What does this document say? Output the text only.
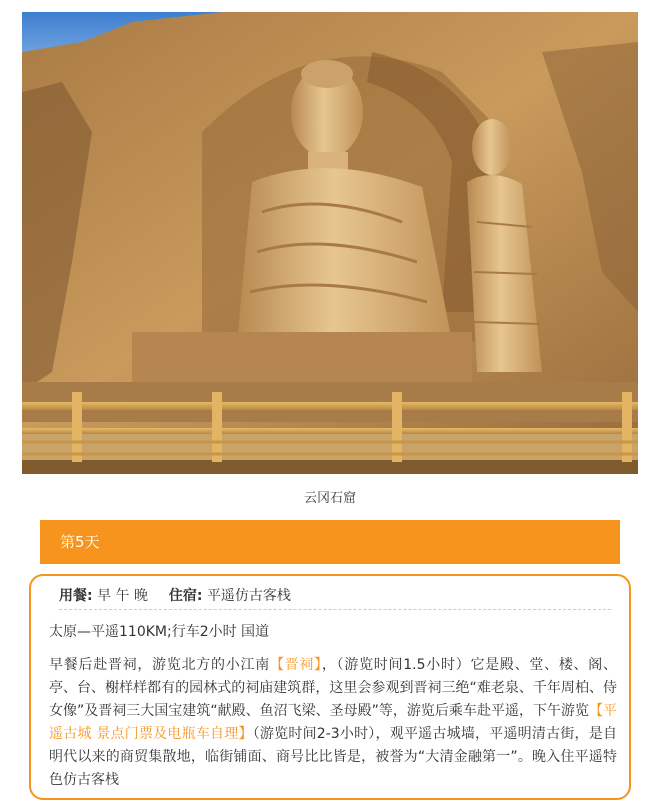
云冈石窟
第5天
用餐: 早 午 晚 住宿: 平遥仿古客栈
太原—平遥110KM;行车2小时 国道
早餐后赴晋祠，游览北方的小江南【晋祠】，（游览时间1.5小时）它是殿、堂、楼、阁、亭、台、榭样样都有的园林式的祠庙建筑群，这里会参观到晋祠三绝“难老泉、千年周柏、侍女像”及晋祠三大国宝建筑“献殿、鱼沼飞梁、圣母殿”等，游览后乘车赴平遥，下午游览【平遥古城 景点门票及电瓶车自理】（游览时间2-3小时），观平遥古城墙，平遥明清古街，是自明代以来的商贸集散地，临街铺面、商号比比皆是，被誉为“大清金融第一”。晚入住平遥特色仿古客栈
